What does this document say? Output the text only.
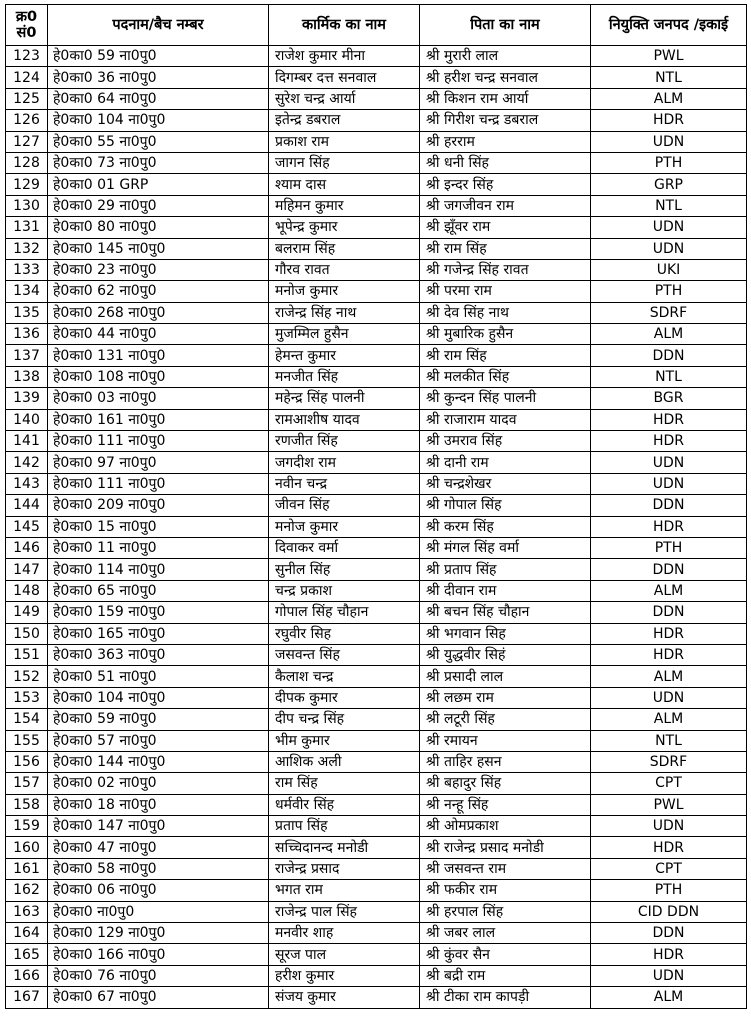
क्र0 सं0	पदनाम/बैच नम्बर	कार्मिक का नाम	पिता का नाम	नियुक्ति जनपद /इकाई
123	हे0का0 59 ना0पु0	राजेश कुमार मीना	श्री मुरारी लाल	PWL
124	हे0का0 36 ना0पु0	दिगम्बर दत्त सनवाल	श्री हरीश चन्द्र सनवाल	NTL
125	हे0का0 64 ना0पु0	सुरेश चन्द्र आर्या	श्री किशन राम आर्या	ALM
126	हे0का0 104 ना0पु0	इतेन्द्र डबराल	श्री गिरीश चन्द्र डबराल	HDR
127	हे0का0 55 ना0पु0	प्रकाश राम	श्री हरराम	UDN
128	हे0का0 73 ना0पु0	जागन सिंह	श्री धनी सिंह	PTH
129	हे0का0 01 GRP	श्याम दास	श्री इन्दर सिंह	GRP
130	हे0का0 29 ना0पु0	महिमन कुमार	श्री जगजीवन राम	NTL
131	हे0का0 80 ना0पु0	भूपेन्द्र कुमार	श्री झूँवर राम	UDN
132	हे0का0 145 ना0पु0	बलराम सिंह	श्री राम सिंह	UDN
133	हे0का0 23 ना0पु0	गौरव रावत	श्री गजेन्द्र सिंह रावत	UKI
134	हे0का0 62 ना0पु0	मनोज कुमार	श्री परमा राम	PTH
135	हे0का0 268 ना0पु0	राजेन्द्र सिंह नाथ	श्री देव सिंह नाथ	SDRF
136	हे0का0 44 ना0पु0	मुजम्मिल हुसैन	श्री मुबारिक हुसैन	ALM
137	हे0का0 131 ना0पु0	हेमन्त कुमार	श्री राम सिंह	DDN
138	हे0का0 108 ना0पु0	मनजीत सिंह	श्री मलकीत सिंह	NTL
139	हे0का0 03 ना0पु0	महेन्द्र सिंह पालनी	श्री कुन्दन सिंह पालनी	BGR
140	हे0का0 161 ना0पु0	रामआशीष यादव	श्री राजाराम यादव	HDR
141	हे0का0 111 ना0पु0	रणजीत सिंह	श्री उमराव सिंह	HDR
142	हे0का0 97 ना0पु0	जगदीश राम	श्री दानी राम	UDN
143	हे0का0 111 ना0पु0	नवीन चन्द्र	श्री चन्द्रशेखर	UDN
144	हे0का0 209 ना0पु0	जीवन सिंह	श्री गोपाल सिंह	DDN
145	हे0का0 15 ना0पु0	मनोज कुमार	श्री करम सिंह	HDR
146	हे0का0 11 ना0पु0	दिवाकर वर्मा	श्री मंगल सिंह वर्मा	PTH
147	हे0का0 114 ना0पु0	सुनील सिंह	श्री प्रताप सिंह	DDN
148	हे0का0 65 ना0पु0	चन्द्र प्रकाश	श्री दीवान राम	ALM
149	हे0का0 159 ना0पु0	गोपाल सिंह चौहान	श्री बचन सिंह चौहान	DDN
150	हे0का0 165 ना0पु0	रघुवीर सिह	श्री भगवान सिह	HDR
151	हे0का0 363 ना0पु0	जसवन्त सिंह	श्री युद्धवीर सिहं	HDR
152	हे0का0 51 ना0पु0	कैलाश चन्द्र	श्री प्रसादी लाल	ALM
153	हे0का0 104 ना0पु0	दीपक कुमार	श्री लछम राम	UDN
154	हे0का0 59 ना0पु0	दीप चन्द्र सिंह	श्री लटूरी सिंह	ALM
155	हे0का0 57 ना0पु0	भीम कुमार	श्री रमायन	NTL
156	हे0का0 144 ना0पु0	आशिक अली	श्री ताहिर हसन	SDRF
157	हे0का0 02 ना0पु0	राम सिंह	श्री बहादुर सिंह	CPT
158	हे0का0 18 ना0पु0	धर्मवीर सिंह	श्री नन्हू सिंह	PWL
159	हे0का0 147 ना0पु0	प्रताप सिंह	श्री ओमप्रकाश	UDN
160	हे0का0 47 ना0पु0	सच्चिदानन्द मनोडी	श्री राजेन्द्र प्रसाद मनोडी	HDR
161	हे0का0 58 ना0पु0	राजेन्द्र प्रसाद	श्री जसवन्त राम	CPT
162	हे0का0 06 ना0पु0	भगत राम	श्री फकीर राम	PTH
163	हे0का0 ना0पु0	राजेन्द्र पाल सिंह	श्री हरपाल सिंह	CID DDN
164	हे0का0 129 ना0पु0	मनवीर शाह	श्री जबर लाल	DDN
165	हे0का0 166 ना0पु0	सूरज पाल	श्री कुंवर सैन	HDR
166	हे0का0 76 ना0पु0	हरीश कुमार	श्री बद्री राम	UDN
167	हे0का0 67 ना0पु0	संजय कुमार	श्री टीका राम कापड़ी	ALM
